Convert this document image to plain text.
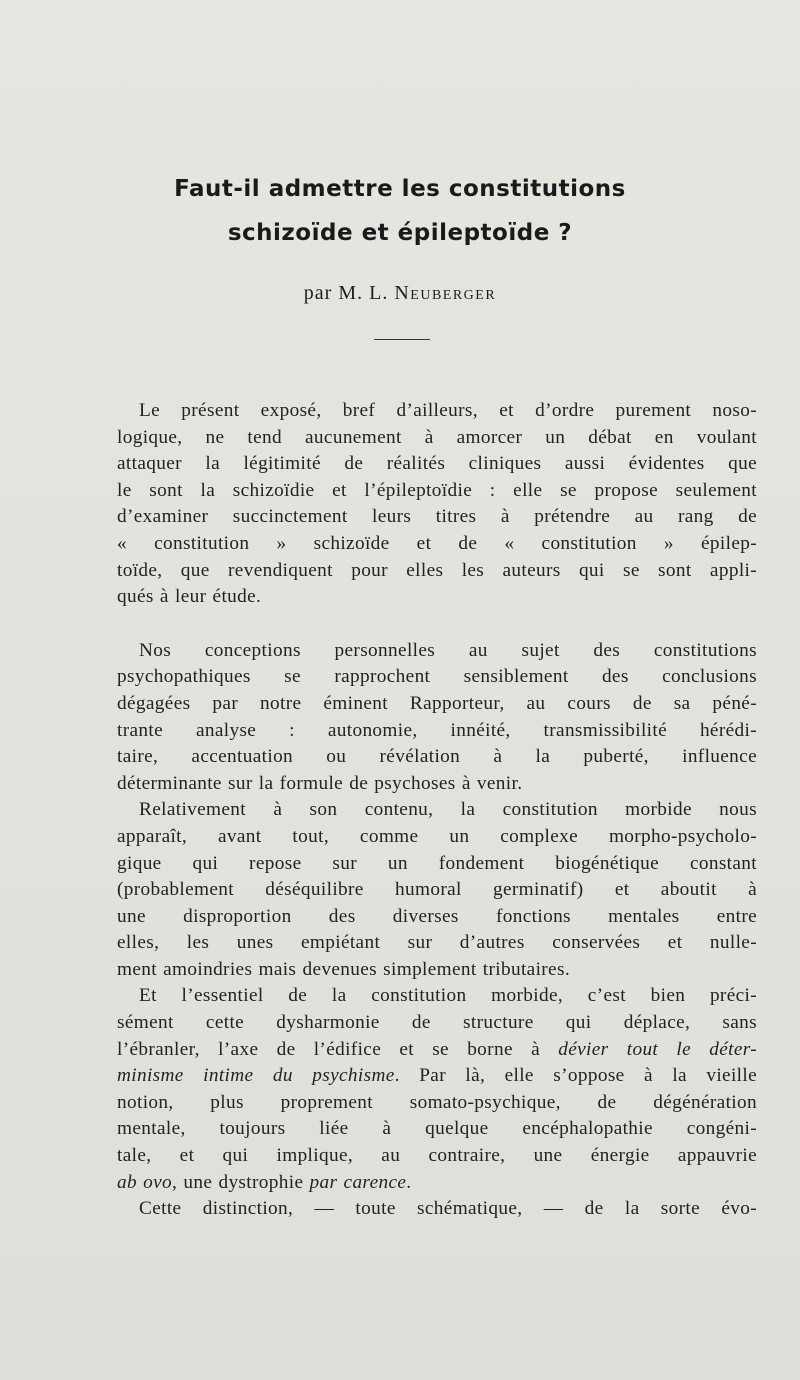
Faut-il admettre les constitutions
schizoïde et épileptoïde ?
par M. L. Neuberger
Le présent exposé, bref d’ailleurs, et d’ordre purement noso-
logique, ne tend aucunement à amorcer un débat en voulant
attaquer la légitimité de réalités cliniques aussi évidentes que
le sont la schizoïdie et l’épileptoïdie : elle se propose seulement
d’examiner succinctement leurs titres à prétendre au rang de
« constitution » schizoïde et de « constitution » épilep-
toïde, que revendiquent pour elles les auteurs qui se sont appli-
qués à leur étude.
Nos conceptions personnelles au sujet des constitutions
psychopathiques se rapprochent sensiblement des conclusions
dégagées par notre éminent Rapporteur, au cours de sa péné-
trante analyse : autonomie, innéité, transmissibilité hérédi-
taire, accentuation ou révélation à la puberté, influence
déterminante sur la formule de psychoses à venir.
Relativement à son contenu, la constitution morbide nous
apparaît, avant tout, comme un complexe morpho-psycholo-
gique qui repose sur un fondement biogénétique constant
(probablement déséquilibre humoral germinatif) et aboutit à
une disproportion des diverses fonctions mentales entre
elles, les unes empiétant sur d’autres conservées et nulle-
ment amoindries mais devenues simplement tributaires.
Et l’essentiel de la constitution morbide, c’est bien préci-
sément cette dysharmonie de structure qui déplace, sans
l’ébranler, l’axe de l’édifice et se borne à dévier tout le déter-
minisme intime du psychisme. Par là, elle s’oppose à la vieille
notion, plus proprement somato-psychique, de dégénération
mentale, toujours liée à quelque encéphalopathie congéni-
tale, et qui implique, au contraire, une énergie appauvrie
ab ovo, une dystrophie par carence.
Cette distinction, — toute schématique, — de la sorte évo-
